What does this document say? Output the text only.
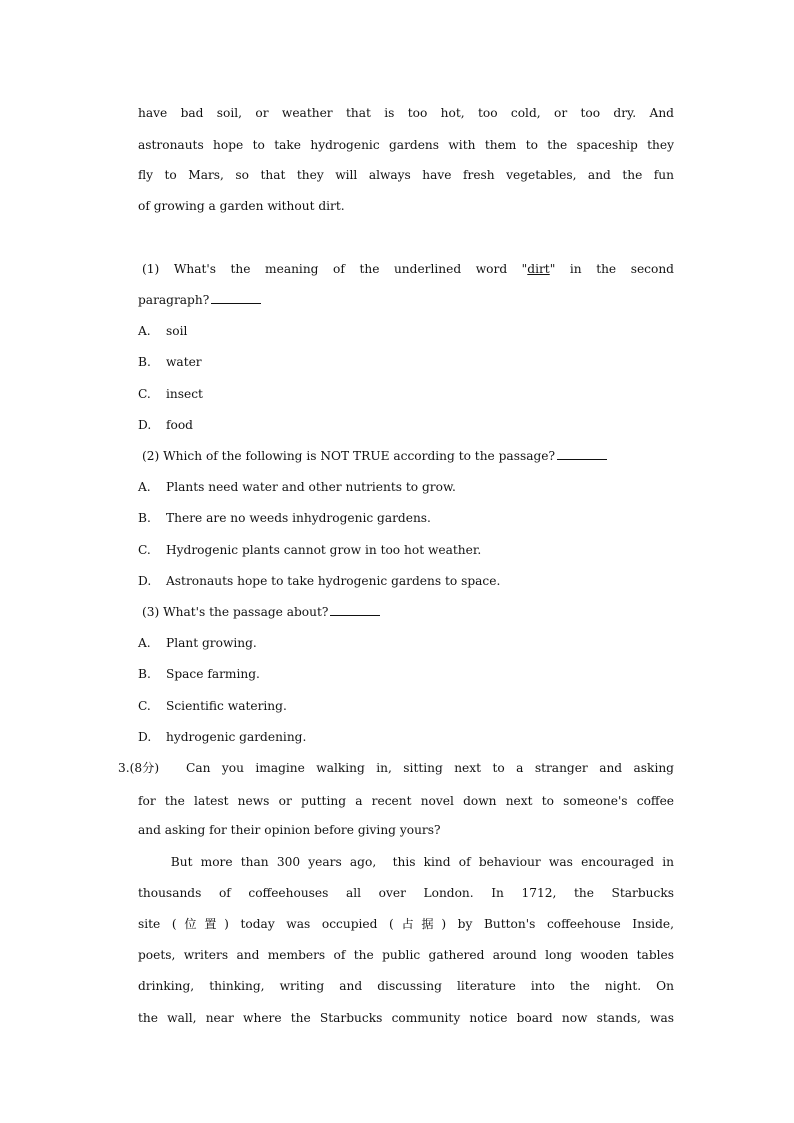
have bad soil, or weather that is too hot, too cold, or too dry. And
astronauts hope to take hydrogenic gardens with them to the spaceship they
fly to Mars, so that they will always have fresh vegetables, and the fun
of growing a garden without dirt.
(1) What's the meaning of the underlined word "dirt" in the second
paragraph?
A. soil
B. water
C. insect
D. food
(2) Which of the following is NOT TRUE according to the passage?
A. Plants need water and other nutrients to grow.
B. There are no weeds inhydrogenic gardens.
C. Hydrogenic plants cannot grow in too hot weather.
D. Astronauts hope to take hydrogenic gardens to space.
(3) What's the passage about?
A. Plant growing.
B. Space farming.
C. Scientific watering.
D. hydrogenic gardening.
3.(8分) Can you imagine walking in, sitting next to a stranger and asking
for the latest news or putting a recent novel down next to someone's coffee
and asking for their opinion before giving yours?
But more than 300 years ago,  this kind of behaviour was encouraged in
thousands of coffeehouses all over London. In 1712, the Starbucks
site (位置) today was occupied (占据) by Button's coffeehouse Inside,
poets, writers and members of the public gathered around long wooden tables
drinking, thinking, writing and discussing literature into the night. On
the wall, near where the Starbucks community notice board now stands, was
